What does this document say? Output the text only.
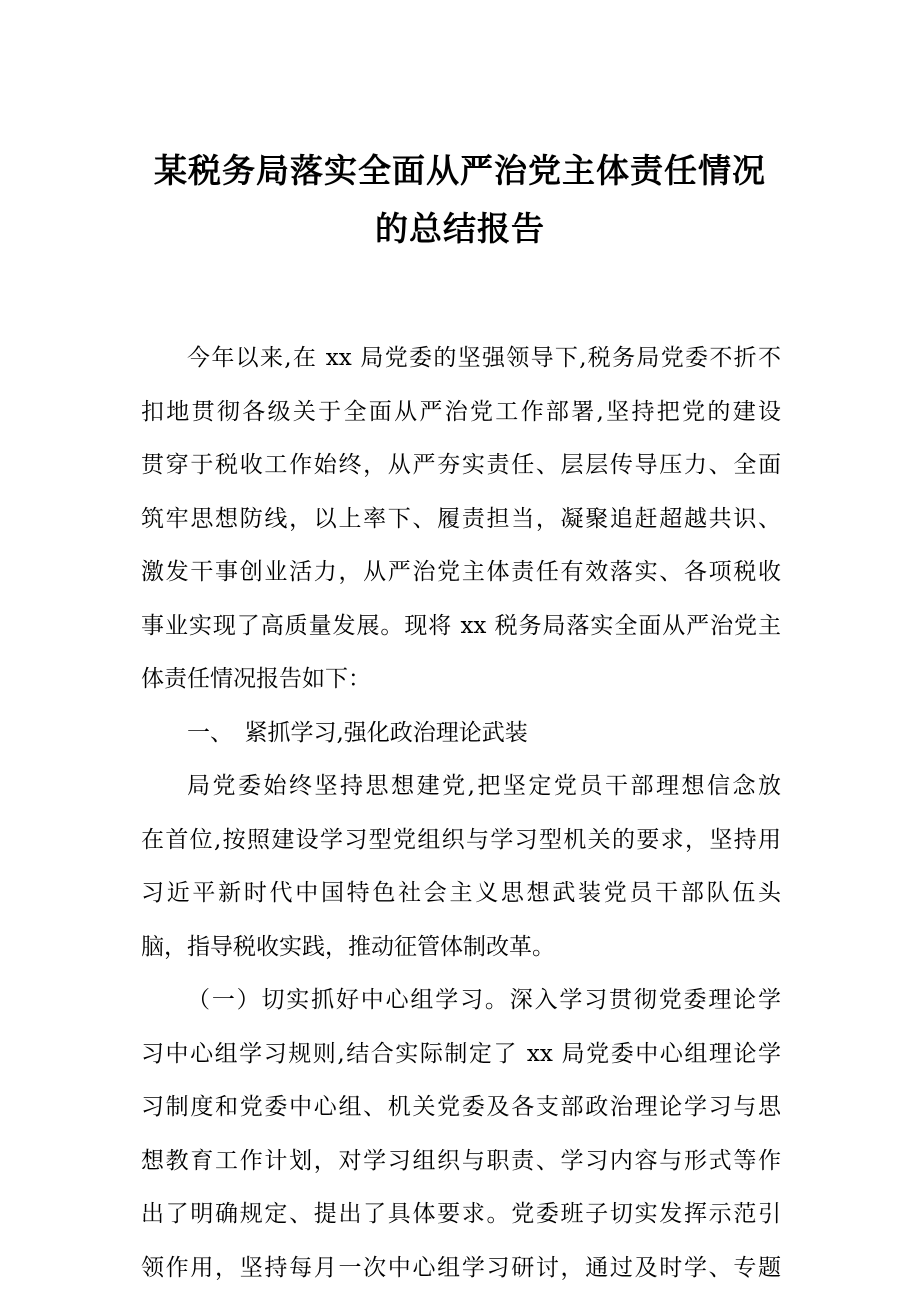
某税务局落实全面从严治党主体责任情况
的总结报告
今年以来,在 xx 局党委的坚强领导下,税务局党委不折不
扣地贯彻各级关于全面从严治党工作部署,坚持把党的建设
贯穿于税收工作始终，从严夯实责任、层层传导压力、全面
筑牢思想防线，以上率下、履责担当，凝聚追赶超越共识、
激发干事创业活力，从严治党主体责任有效落实、各项税收
事业实现了高质量发展。现将 xx 税务局落实全面从严治党主
体责任情况报告如下：
一、　紧抓学习,强化政治理论武装
局党委始终坚持思想建党,把坚定党员干部理想信念放
在首位,按照建设学习型党组织与学习型机关的要求，坚持用
习近平新时代中国特色社会主义思想武装党员干部队伍头
脑，指导税收实践，推动征管体制改革。
（一）切实抓好中心组学习。深入学习贯彻党委理论学
习中心组学习规则,结合实际制定了 xx 局党委中心组理论学
习制度和党委中心组、机关党委及各支部政治理论学习与思
想教育工作计划，对学习组织与职责、学习内容与形式等作
出了明确规定、提出了具体要求。党委班子切实发挥示范引
领作用，坚持每月一次中心组学习研讨，通过及时学、专题
